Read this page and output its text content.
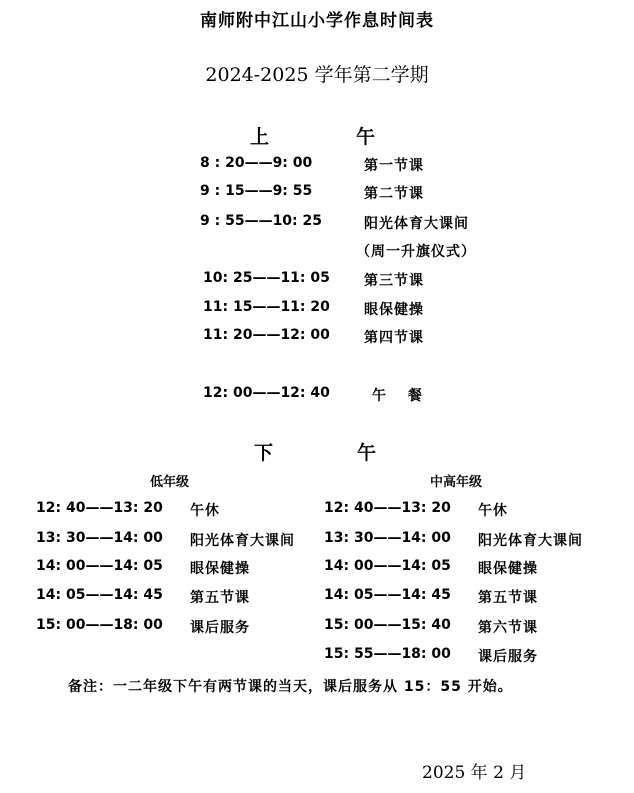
南师附中江山小学作息时间表
2024-2025 学年第二学期
上	午
8 : 20——9: 00	第一节课
9 : 15——9: 55	第二节课
9 : 55——10: 25	阳光体育大课间
（周一升旗仪式）
10: 25——11: 05 第三节课
11: 15——11: 20 眼保健操
11: 20——12: 00 第四节课
12: 00——12: 40	午　 餐
下	午
低年级	中高年级
12: 40——13: 20 午休
13: 30——14: 00 阳光体育大课间
14: 00——14: 05 眼保健操
14: 05——14: 45 第五节课
15: 00——18: 00 课后服务
12: 40——13: 20 午休
13: 30——14: 00 阳光体育大课间
14: 00——14: 05 眼保健操
14: 05——14: 45 第五节课
15: 00——15: 40 第六节课
15: 55——18: 00 课后服务
备注：一二年级下午有两节课的当天，课后服务从 15：55 开始。
2025 年 2 月
